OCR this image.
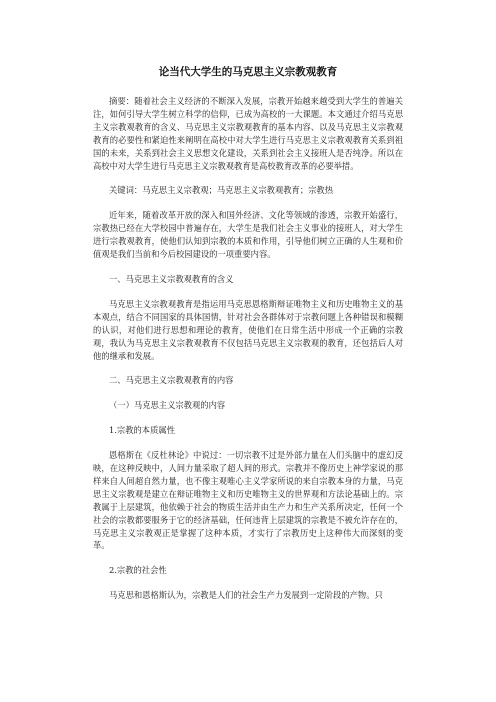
论当代大学生的马克思主义宗教观教育

摘要：随着社会主义经济的不断深入发展，宗教开始越来越受到大学生的普遍关注，如何引导大学生树立科学的信仰，已成为高校的一大课题。本文通过介绍马克思主义宗教观教育的含义、马克思主义宗教观教育的基本内容、以及马克思主义宗教观教育的必要性和紧迫性来阐明在高校中对大学生进行马克思主义宗教观教育关系到祖国的未来，关系到社会主义思想文化建设，关系到社会主义接班人是否纯净。所以在高校中对大学生进行马克思主义宗教观教育是高校教育改革的必要举措。

关键词：马克思主义宗教观；马克思主义宗教观教育；宗教热

近年来，随着改革开放的深入和国外经济、文化等领域的渗透，宗教开始盛行，宗教热已经在大学校园中普遍存在，大学生是我们社会主义事业的接班人，对大学生进行宗教观教育，使他们认知到宗教的本质和作用，引导他们树立正确的人生观和价值观是我们当前和今后校园建设的一项重要内容。

一、马克思主义宗教观教育的含义

马克思主义宗教观教育是指运用马克思恩格斯辩证唯物主义和历史唯物主义的基本观点，结合不同国家的具体国情，针对社会各群体对于宗教问题上各种错误和模糊的认识，对他们进行思想和理论的教育，使他们在日常生活中形成一个正确的宗教观，我认为马克思主义宗教观教育不仅包括马克思主义宗教观的教育，还包括后人对他的继承和发展。

二、马克思主义宗教观教育的内容

（一）马克思主义宗教观的内容

1.宗教的本质属性

恩格斯在《反杜林论》中说过：一切宗教不过是外部力量在人们头脑中的虚幻反映，在这种反映中，人间力量采取了超人间的形式。宗教并不像历史上神学家说的那样来自人间超自然力量，也不像主观唯心主义学家所说的来自宗教本身的力量，马克思主义宗教观是建立在辩证唯物主义和历史唯物主义的世界观和方法论基础上的。宗教属于上层建筑，他依赖于社会的物质生活并由生产力和生产关系所决定，任何一个社会的宗教都要服务于它的经济基础，任何违背上层建筑的宗教是不被允许存在的，马克思主义宗教观正是掌握了这种本质，才实行了宗教历史上这种伟大而深刻的变革。

2.宗教的社会性

马克思和恩格斯认为，宗教是人们的社会生产力发展到一定阶段的产物。只
